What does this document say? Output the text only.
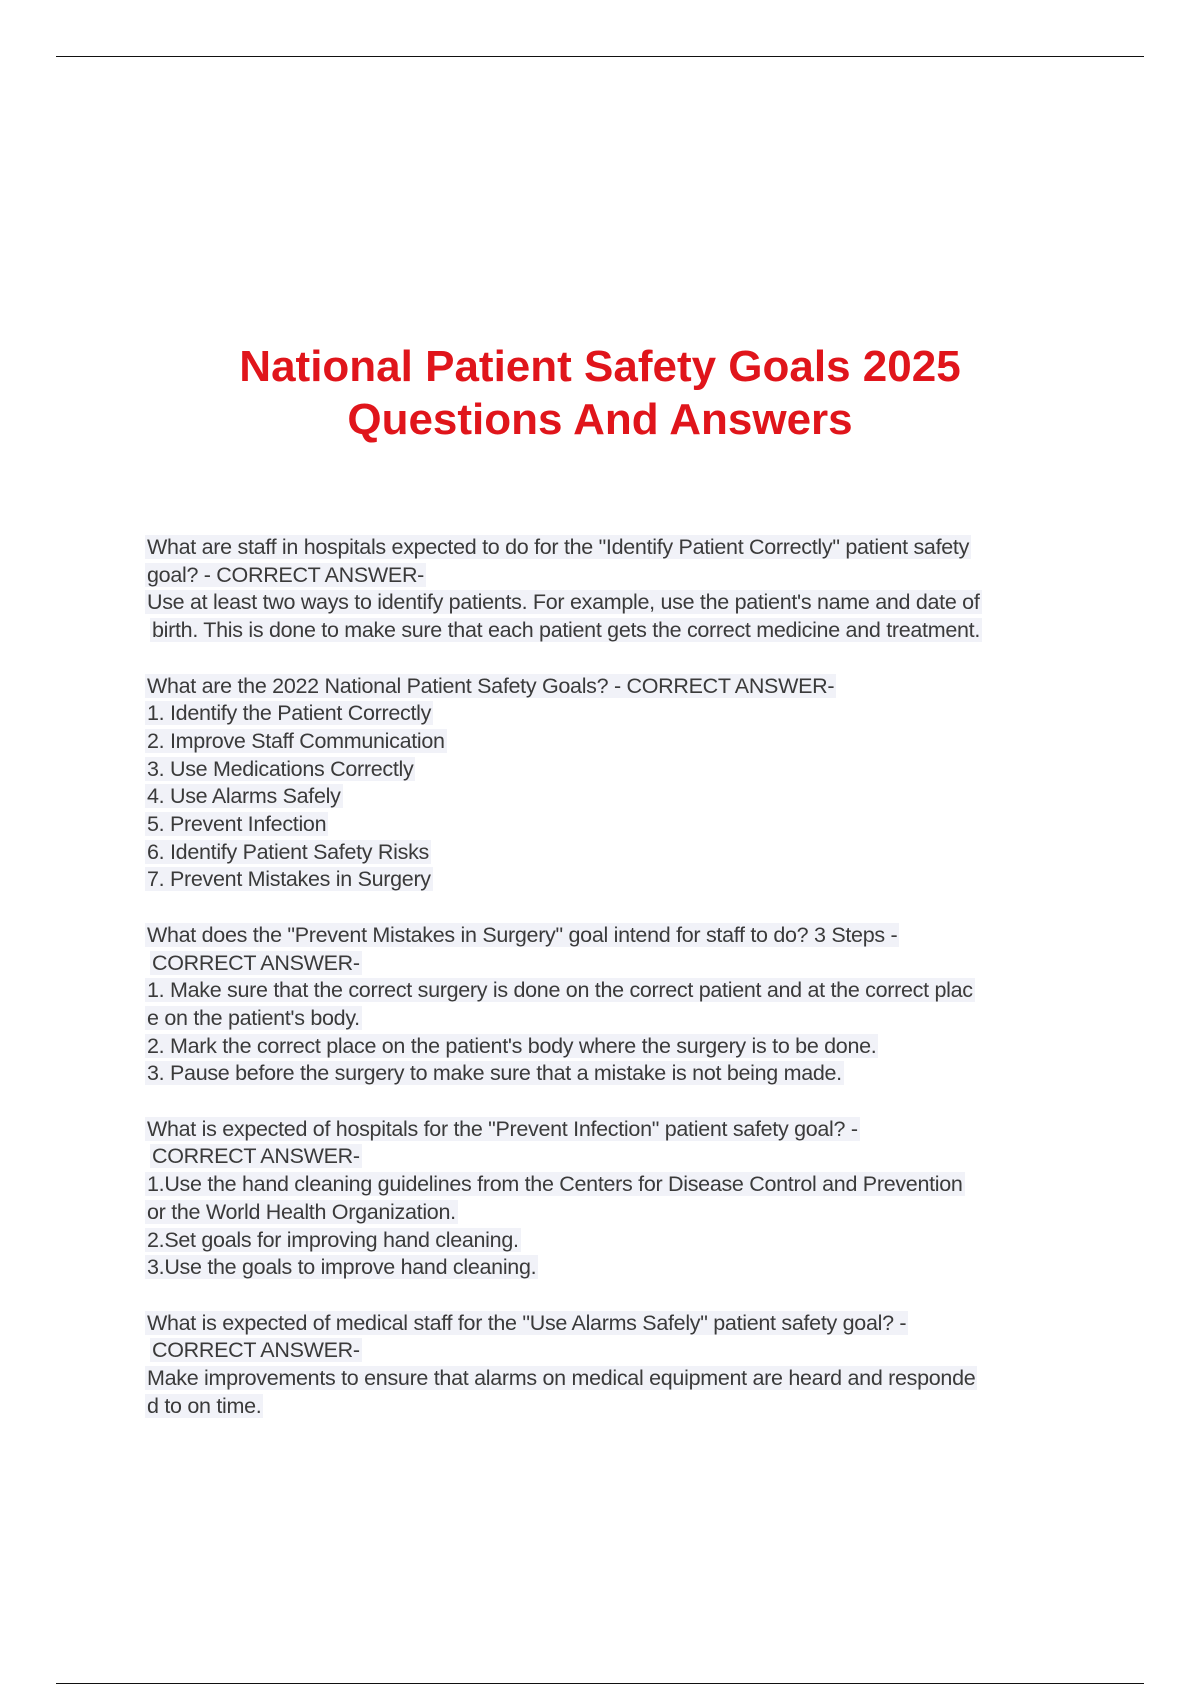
National Patient Safety Goals 2025
Questions And Answers
What are staff in hospitals expected to do for the "Identify Patient Correctly" patient safety
goal? - CORRECT ANSWER-
Use at least two ways to identify patients. For example, use the patient's name and date of
birth. This is done to make sure that each patient gets the correct medicine and treatment.
What are the 2022 National Patient Safety Goals? - CORRECT ANSWER-
1. Identify the Patient Correctly
2. Improve Staff Communication
3. Use Medications Correctly
4. Use Alarms Safely
5. Prevent Infection
6. Identify Patient Safety Risks
7. Prevent Mistakes in Surgery
What does the "Prevent Mistakes in Surgery" goal intend for staff to do? 3 Steps -
CORRECT ANSWER-
1. Make sure that the correct surgery is done on the correct patient and at the correct plac
e on the patient's body.
2. Mark the correct place on the patient's body where the surgery is to be done.
3. Pause before the surgery to make sure that a mistake is not being made.
What is expected of hospitals for the "Prevent Infection" patient safety goal? -
CORRECT ANSWER-
1.Use the hand cleaning guidelines from the Centers for Disease Control and Prevention
or the World Health Organization.
2.Set goals for improving hand cleaning.
3.Use the goals to improve hand cleaning.
What is expected of medical staff for the "Use Alarms Safely" patient safety goal? -
CORRECT ANSWER-
Make improvements to ensure that alarms on medical equipment are heard and responde
d to on time.
